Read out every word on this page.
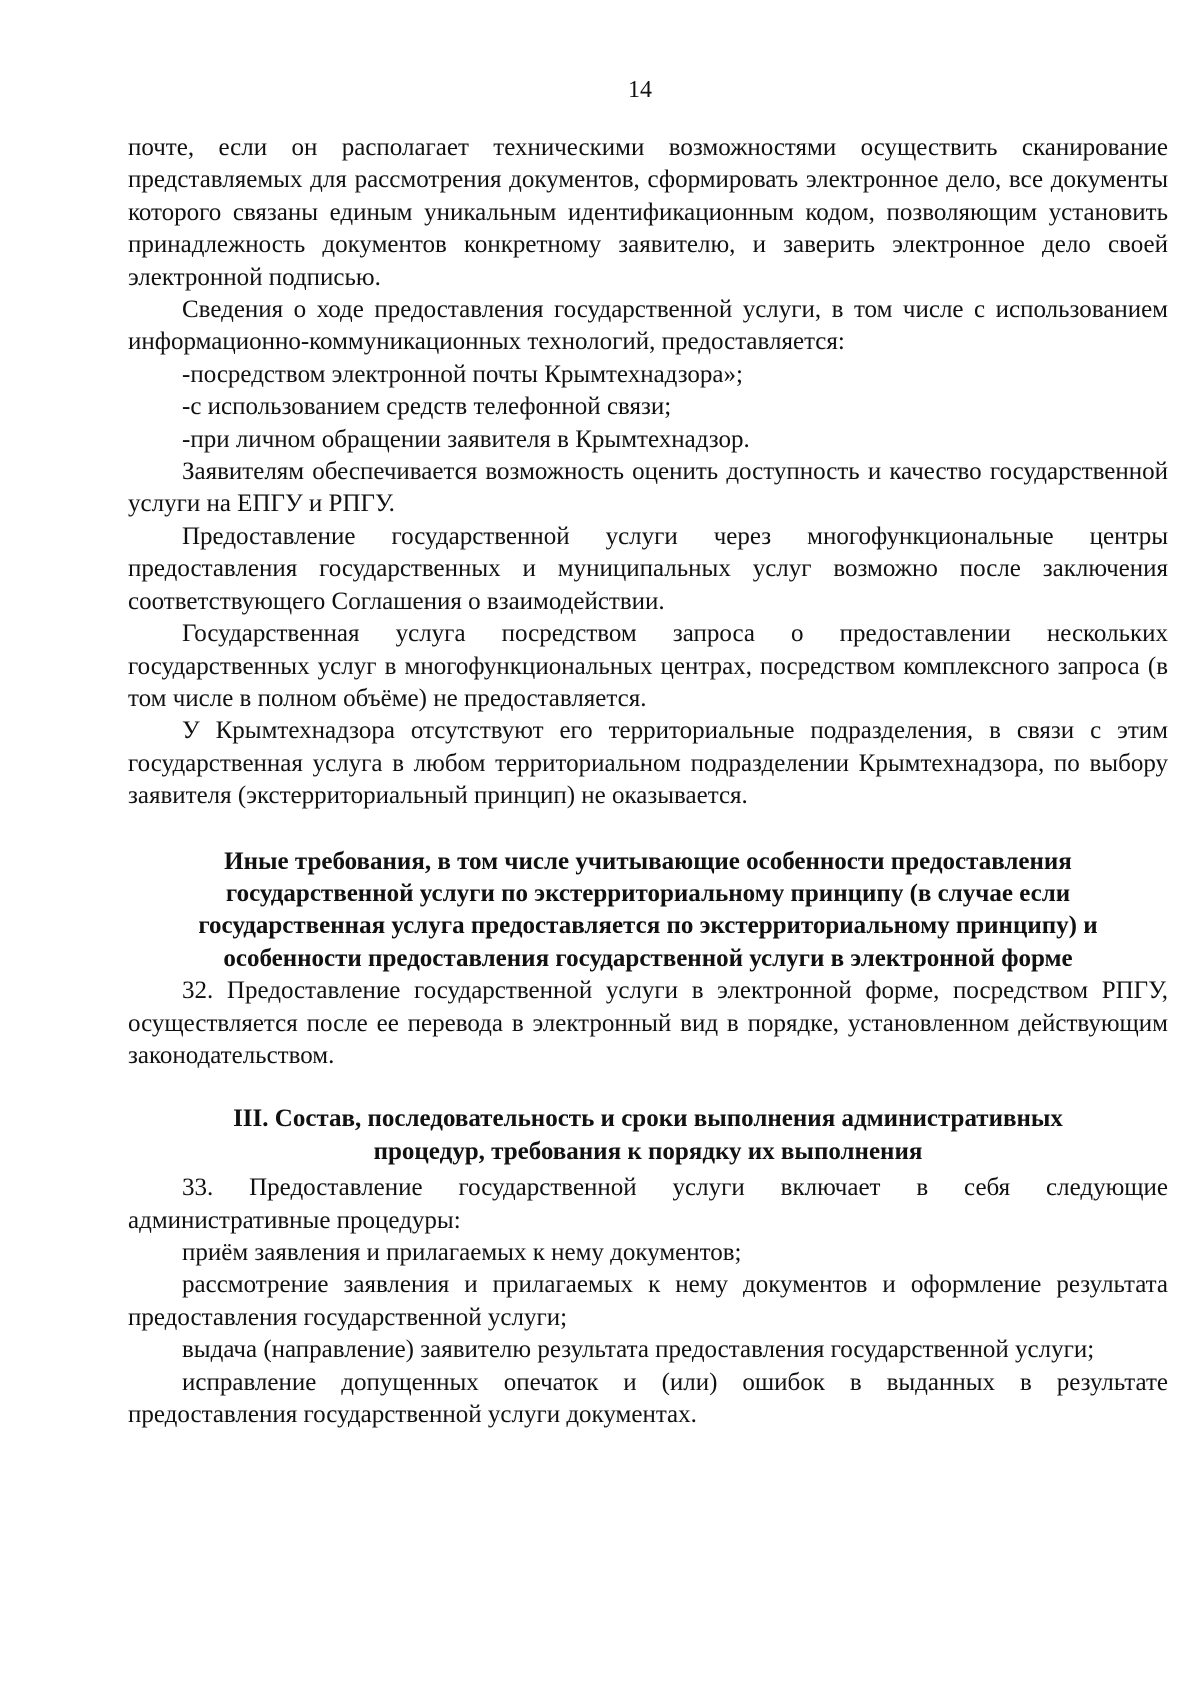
14

почте, если он располагает техническими возможностями осуществить сканирование представляемых для рассмотрения документов, сформировать электронное дело, все документы которого связаны единым уникальным идентификационным кодом, позволяющим установить принадлежность документов конкретному заявителю, и заверить электронное дело своей электронной подписью.

Сведения о ходе предоставления государственной услуги, в том числе с использованием информационно-коммуникационных технологий, предоставляется:

-посредством электронной почты Крымтехнадзора»;

-с использованием средств телефонной связи;

-при личном обращении заявителя в Крымтехнадзор.

Заявителям обеспечивается возможность оценить доступность и качество государственной услуги на ЕПГУ и РПГУ.

Предоставление государственной услуги через многофункциональные центры предоставления государственных и муниципальных услуг возможно после заключения соответствующего Соглашения о взаимодействии.

Государственная услуга посредством запроса о предоставлении нескольких государственных услуг в многофункциональных центрах, посредством комплексного запроса (в том числе в полном объёме) не предоставляется.

У Крымтехнадзора отсутствуют его территориальные подразделения, в связи с этим государственная услуга в любом территориальном подразделении Крымтехнадзора, по выбору заявителя (экстерриториальный принцип) не оказывается.

Иные требования, в том числе учитывающие особенности предоставления
государственной услуги по экстерриториальному принципу (в случае если
государственная услуга предоставляется по экстерриториальному принципу) и
особенности предоставления государственной услуги в электронной форме

32. Предоставление государственной услуги в электронной форме, посредством РПГУ, осуществляется после ее перевода в электронный вид в порядке, установленном действующим законодательством.

III. Состав, последовательность и сроки выполнения административных
процедур, требования к порядку их выполнения

33. Предоставление государственной услуги включает в себя следующие административные процедуры:

приём заявления и прилагаемых к нему документов;

рассмотрение заявления и прилагаемых к нему документов и оформление результата предоставления государственной услуги;

выдача (направление) заявителю результата предоставления государственной услуги;

исправление допущенных опечаток и (или) ошибок в выданных в результате предоставления государственной услуги документах.
